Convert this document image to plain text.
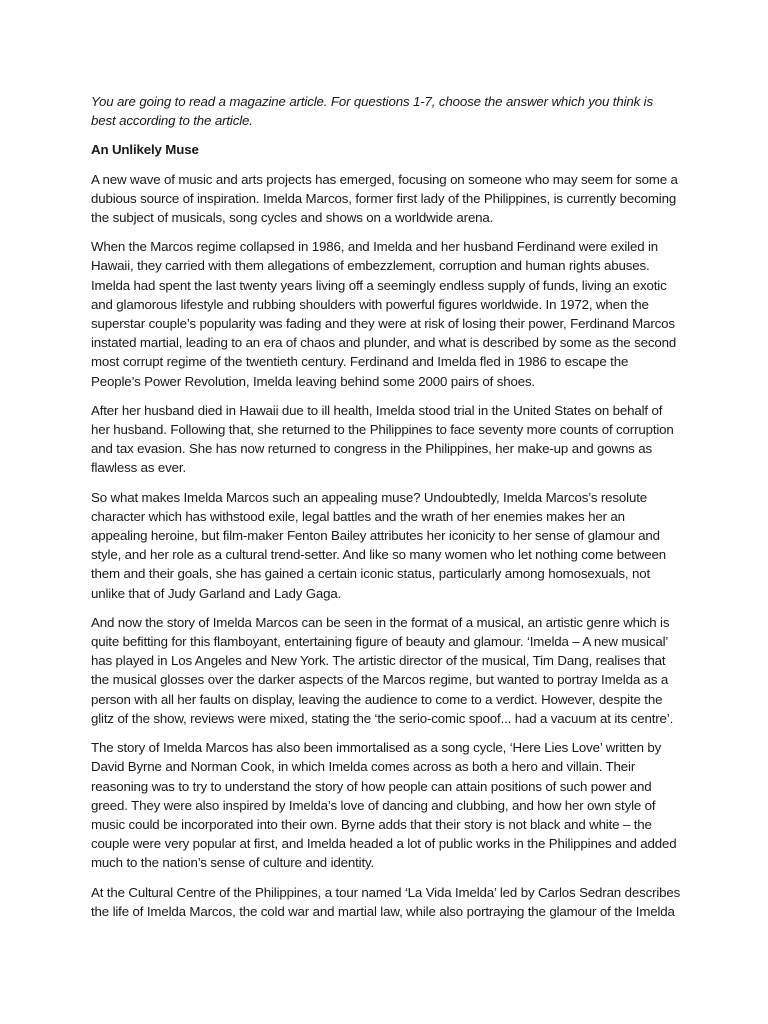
You are going to read a magazine article. For questions 1-7, choose the answer which you think is best according to the article.

An Unlikely Muse

A new wave of music and arts projects has emerged, focusing on someone who may seem for some a dubious source of inspiration. Imelda Marcos, former first lady of the Philippines, is currently becoming the subject of musicals, song cycles and shows on a worldwide arena.

When the Marcos regime collapsed in 1986, and Imelda and her husband Ferdinand were exiled in Hawaii, they carried with them allegations of embezzlement, corruption and human rights abuses. Imelda had spent the last twenty years living off a seemingly endless supply of funds, living an exotic and glamorous lifestyle and rubbing shoulders with powerful figures worldwide. In 1972, when the superstar couple’s popularity was fading and they were at risk of losing their power, Ferdinand Marcos instated martial, leading to an era of chaos and plunder, and what is described by some as the second most corrupt regime of the twentieth century. Ferdinand and Imelda fled in 1986 to escape the People’s Power Revolution, Imelda leaving behind some 2000 pairs of shoes.

After her husband died in Hawaii due to ill health, Imelda stood trial in the United States on behalf of her husband. Following that, she returned to the Philippines to face seventy more counts of corruption and tax evasion. She has now returned to congress in the Philippines, her make-up and gowns as flawless as ever.

So what makes Imelda Marcos such an appealing muse? Undoubtedly, Imelda Marcos’s resolute character which has withstood exile, legal battles and the wrath of her enemies makes her an appealing heroine, but film-maker Fenton Bailey attributes her iconicity to her sense of glamour and style, and her role as a cultural trend-setter. And like so many women who let nothing come between them and their goals, she has gained a certain iconic status, particularly among homosexuals, not unlike that of Judy Garland and Lady Gaga.

And now the story of Imelda Marcos can be seen in the format of a musical, an artistic genre which is quite befitting for this flamboyant, entertaining figure of beauty and glamour. ‘Imelda – A new musical’ has played in Los Angeles and New York. The artistic director of the musical, Tim Dang, realises that the musical glosses over the darker aspects of the Marcos regime, but wanted to portray Imelda as a person with all her faults on display, leaving the audience to come to a verdict. However, despite the glitz of the show, reviews were mixed, stating the ‘the serio-comic spoof... had a vacuum at its centre’.

The story of Imelda Marcos has also been immortalised as a song cycle, ‘Here Lies Love’ written by David Byrne and Norman Cook, in which Imelda comes across as both a hero and villain. Their reasoning was to try to understand the story of how people can attain positions of such power and greed. They were also inspired by Imelda’s love of dancing and clubbing, and how her own style of music could be incorporated into their own. Byrne adds that their story is not black and white – the couple were very popular at first, and Imelda headed a lot of public works in the Philippines and added much to the nation’s sense of culture and identity.

At the Cultural Centre of the Philippines, a tour named ‘La Vida Imelda’ led by Carlos Sedran describes the life of Imelda Marcos, the cold war and martial law, while also portraying the glamour of the Imelda
